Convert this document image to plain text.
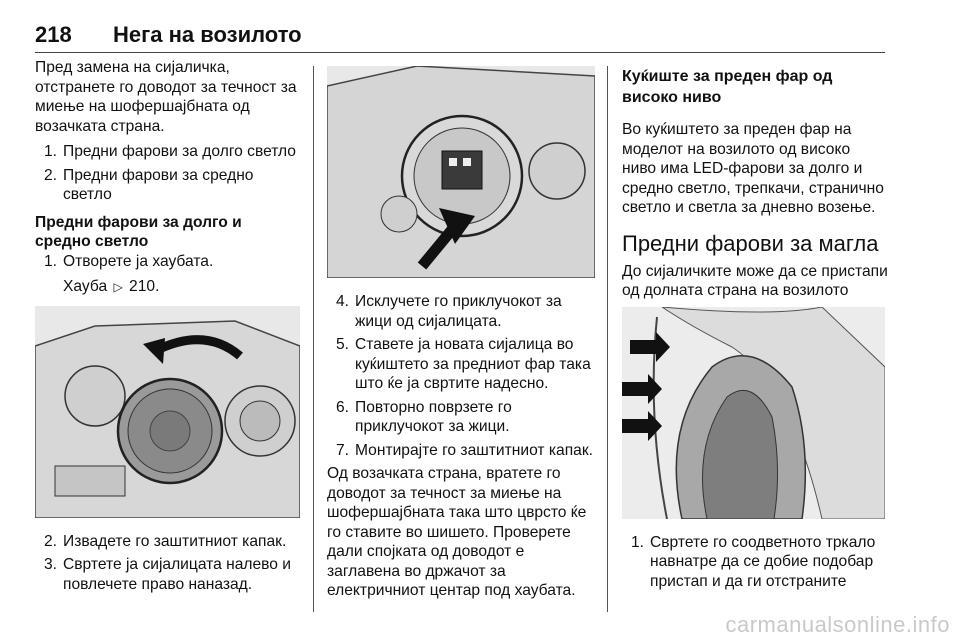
218 Нега на возилото

Пред замена на сијаличка, отстранете го доводот за течност за миење на шофершајбната од возачката страна.

1. Предни фарови за долго светло
2. Предни фарови за средно светло

Предни фарови за долго и средно светло

1. Отворете ја хаубата.

Хауба ▷ 210.

2. Извадете го заштитниот капак.
3. Свртете ја сијалицата налево и повлечете право наназад.
4. Исклучете го приклучокот за жици од сијалицата.
5. Ставете ја новата сијалица во куќиштето за предниот фар така што ќе ја свртите надесно.
6. Повторно поврзете го приклучокот за жици.
7. Монтирајте го заштитниот капак.

Од возачката страна, вратете го доводот за течност за миење на шофершајбната така што цврсто ќе го ставите во шишето. Проверете дали спојката од доводот е заглавена во држачот за електричниот центар под хаубата.

Куќиште за преден фар од високо ниво

Во куќиштето за преден фар на моделот на возилото од високо ниво има LED-фарови за долго и средно светло, трепкачи, странично светло и светла за дневно возење.

Предни фарови за магла

До сијаличките може да се пристапи од долната страна на возилото

1. Свртете го соодветното тркало навнатре да се добие подобар пристап и да ги отстраните
carmanualsonline.info
